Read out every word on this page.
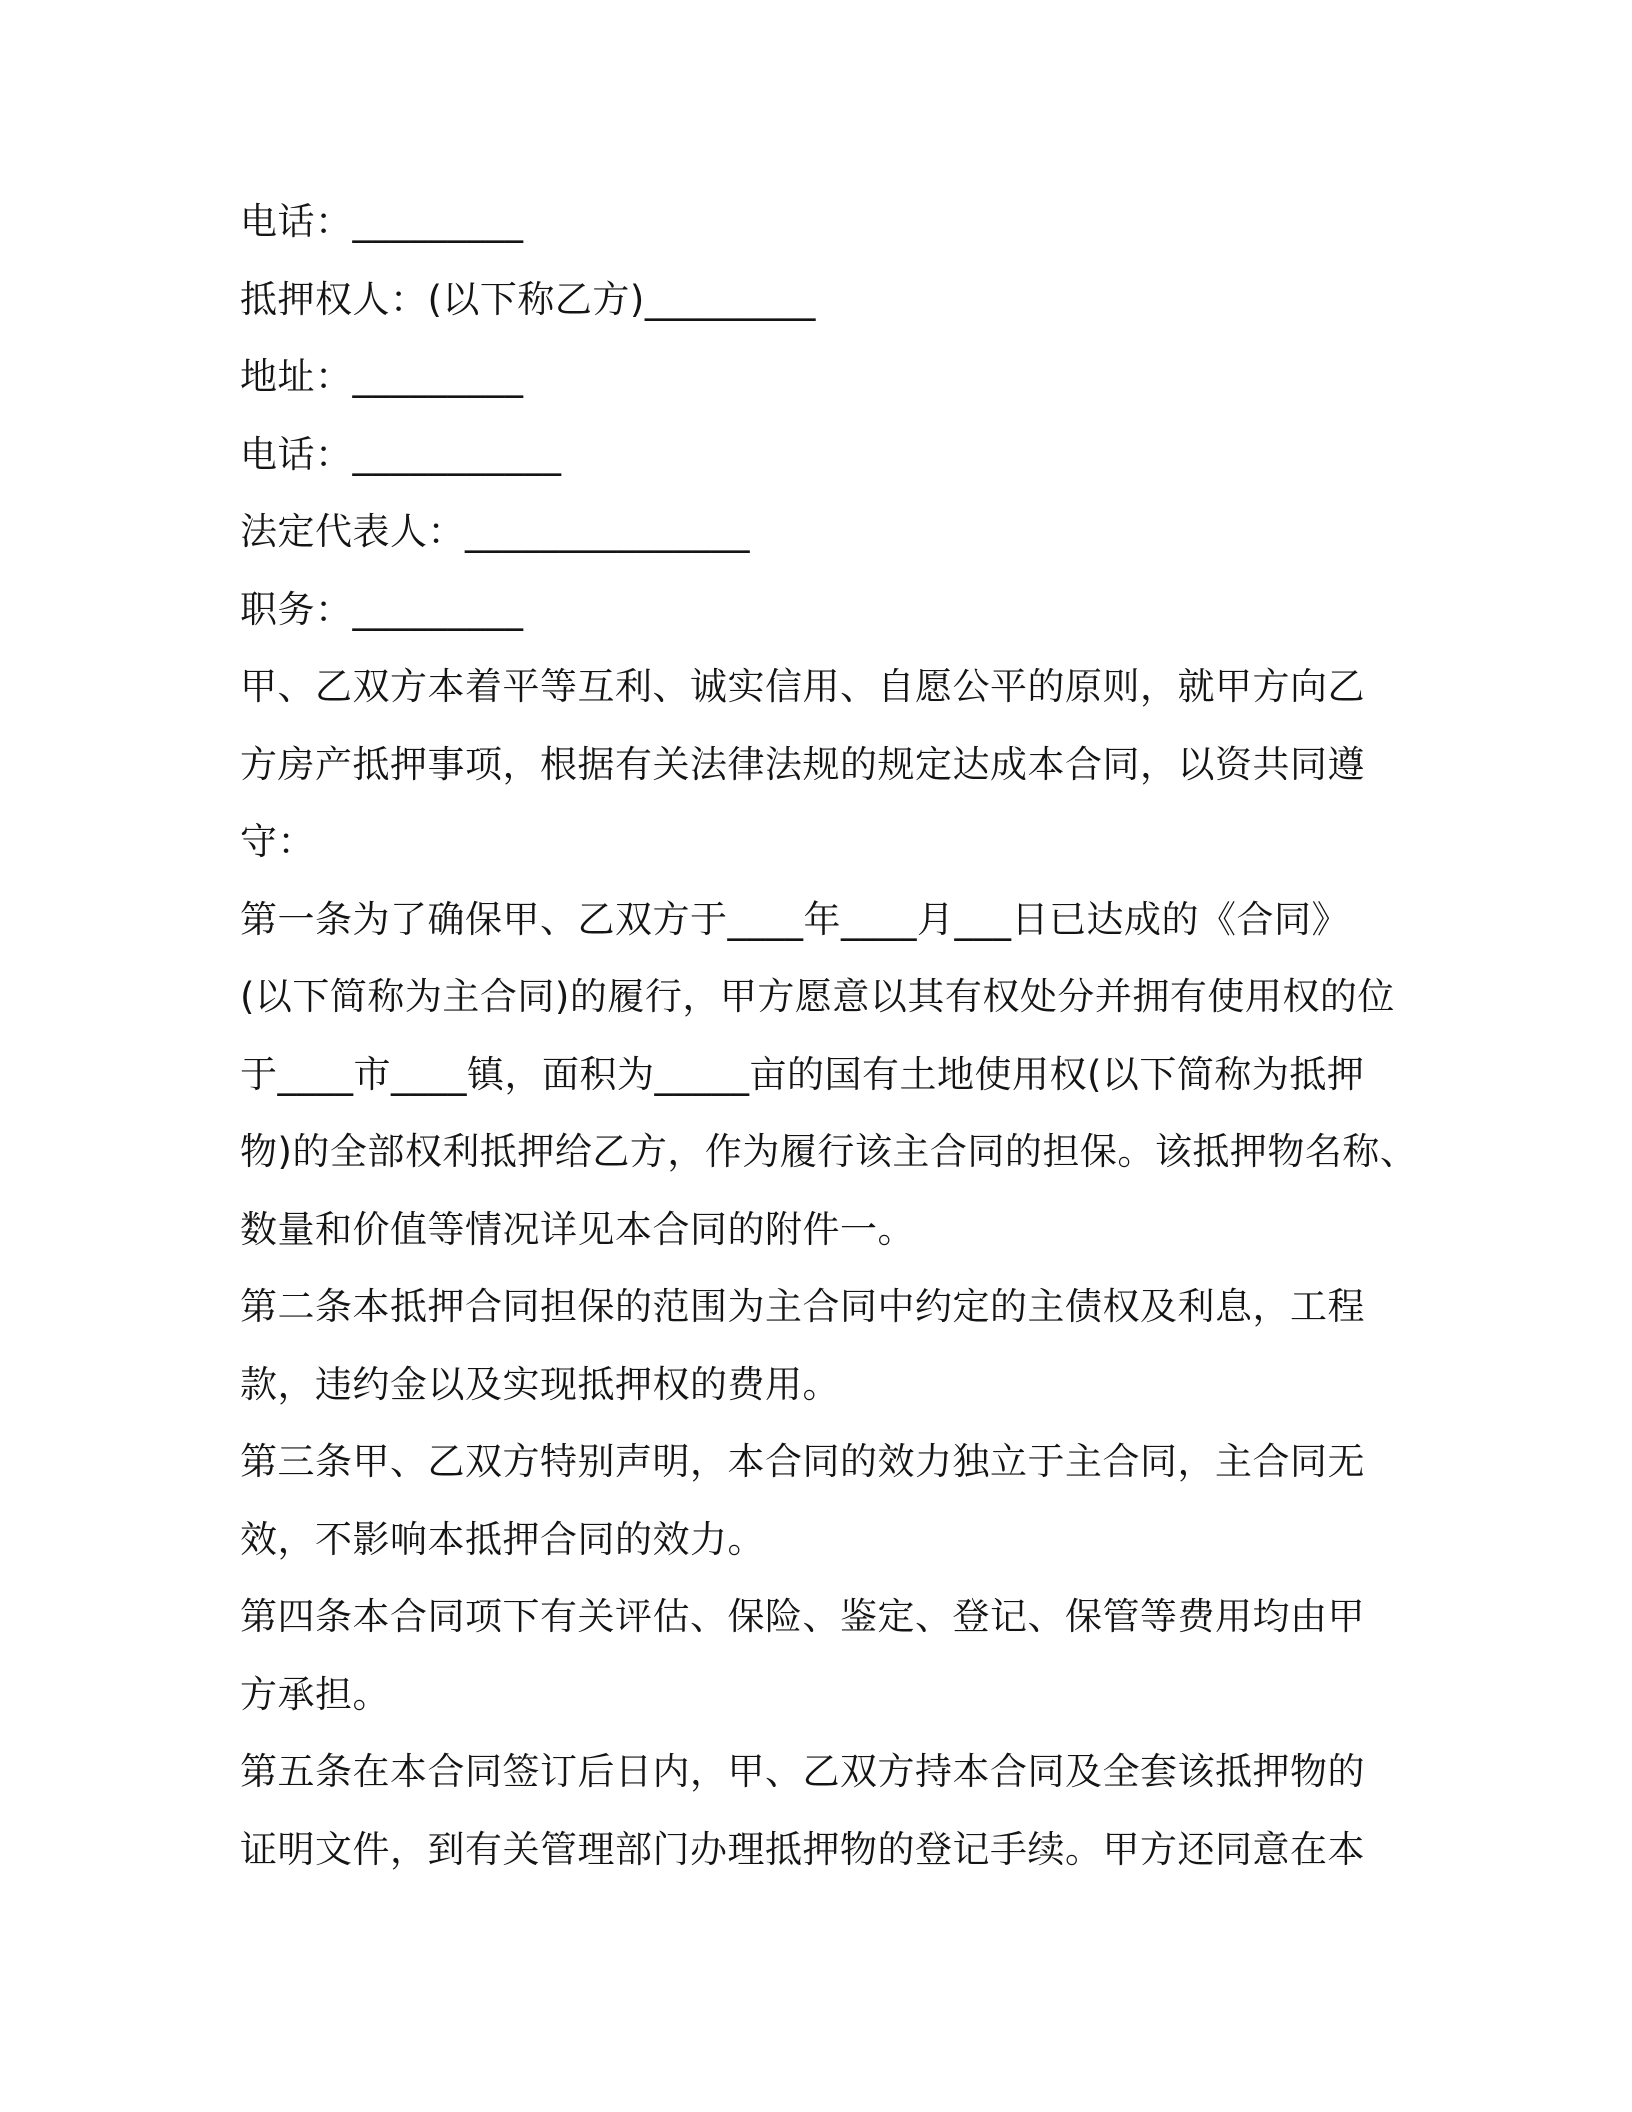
电话：_________

抵押权人：(以下称乙方)_________

地址：_________

电话：___________

法定代表人：_______________

职务：_________

甲、乙双方本着平等互利、诚实信用、自愿公平的原则，就甲方向乙

方房产抵押事项，根据有关法律法规的规定达成本合同，以资共同遵

守：

第一条为了确保甲、乙双方于____年____月___日已达成的《合同》

(以下简称为主合同)的履行，甲方愿意以其有权处分并拥有使用权的位

于____市____镇，面积为_____亩的国有土地使用权(以下简称为抵押

物)的全部权利抵押给乙方，作为履行该主合同的担保。该抵押物名称、

数量和价值等情况详见本合同的附件一。

第二条本抵押合同担保的范围为主合同中约定的主债权及利息，工程

款，违约金以及实现抵押权的费用。

第三条甲、乙双方特别声明，本合同的效力独立于主合同，主合同无

效，不影响本抵押合同的效力。

第四条本合同项下有关评估、保险、鉴定、登记、保管等费用均由甲

方承担。

第五条在本合同签订后日内，甲、乙双方持本合同及全套该抵押物的

证明文件，到有关管理部门办理抵押物的登记手续。甲方还同意在本
